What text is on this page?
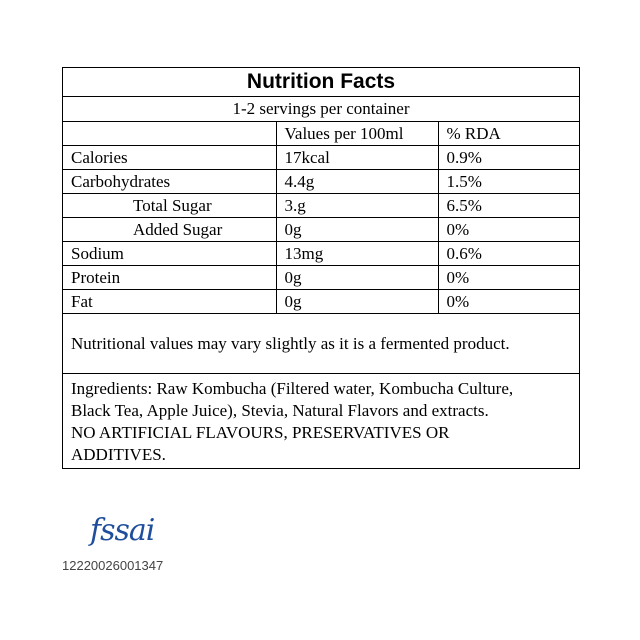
Nutrition Facts
1-2 servings per container
	Values per 100ml	% RDA
Calories	17kcal	0.9%
Carbohydrates	4.4g	1.5%
Total Sugar	3.g	6.5%
Added Sugar	0g	0%
Sodium	13mg	0.6%
Protein	0g	0%
Fat	0g	0%
Nutritional values may vary slightly as it is a fermented product.
Ingredients: Raw Kombucha (Filtered water, Kombucha Culture,
Black Tea, Apple Juice), Stevia, Natural Flavors and extracts.
NO ARTIFICIAL FLAVOURS, PRESERVATIVES OR
ADDITIVES.
fssai
12220026001347
